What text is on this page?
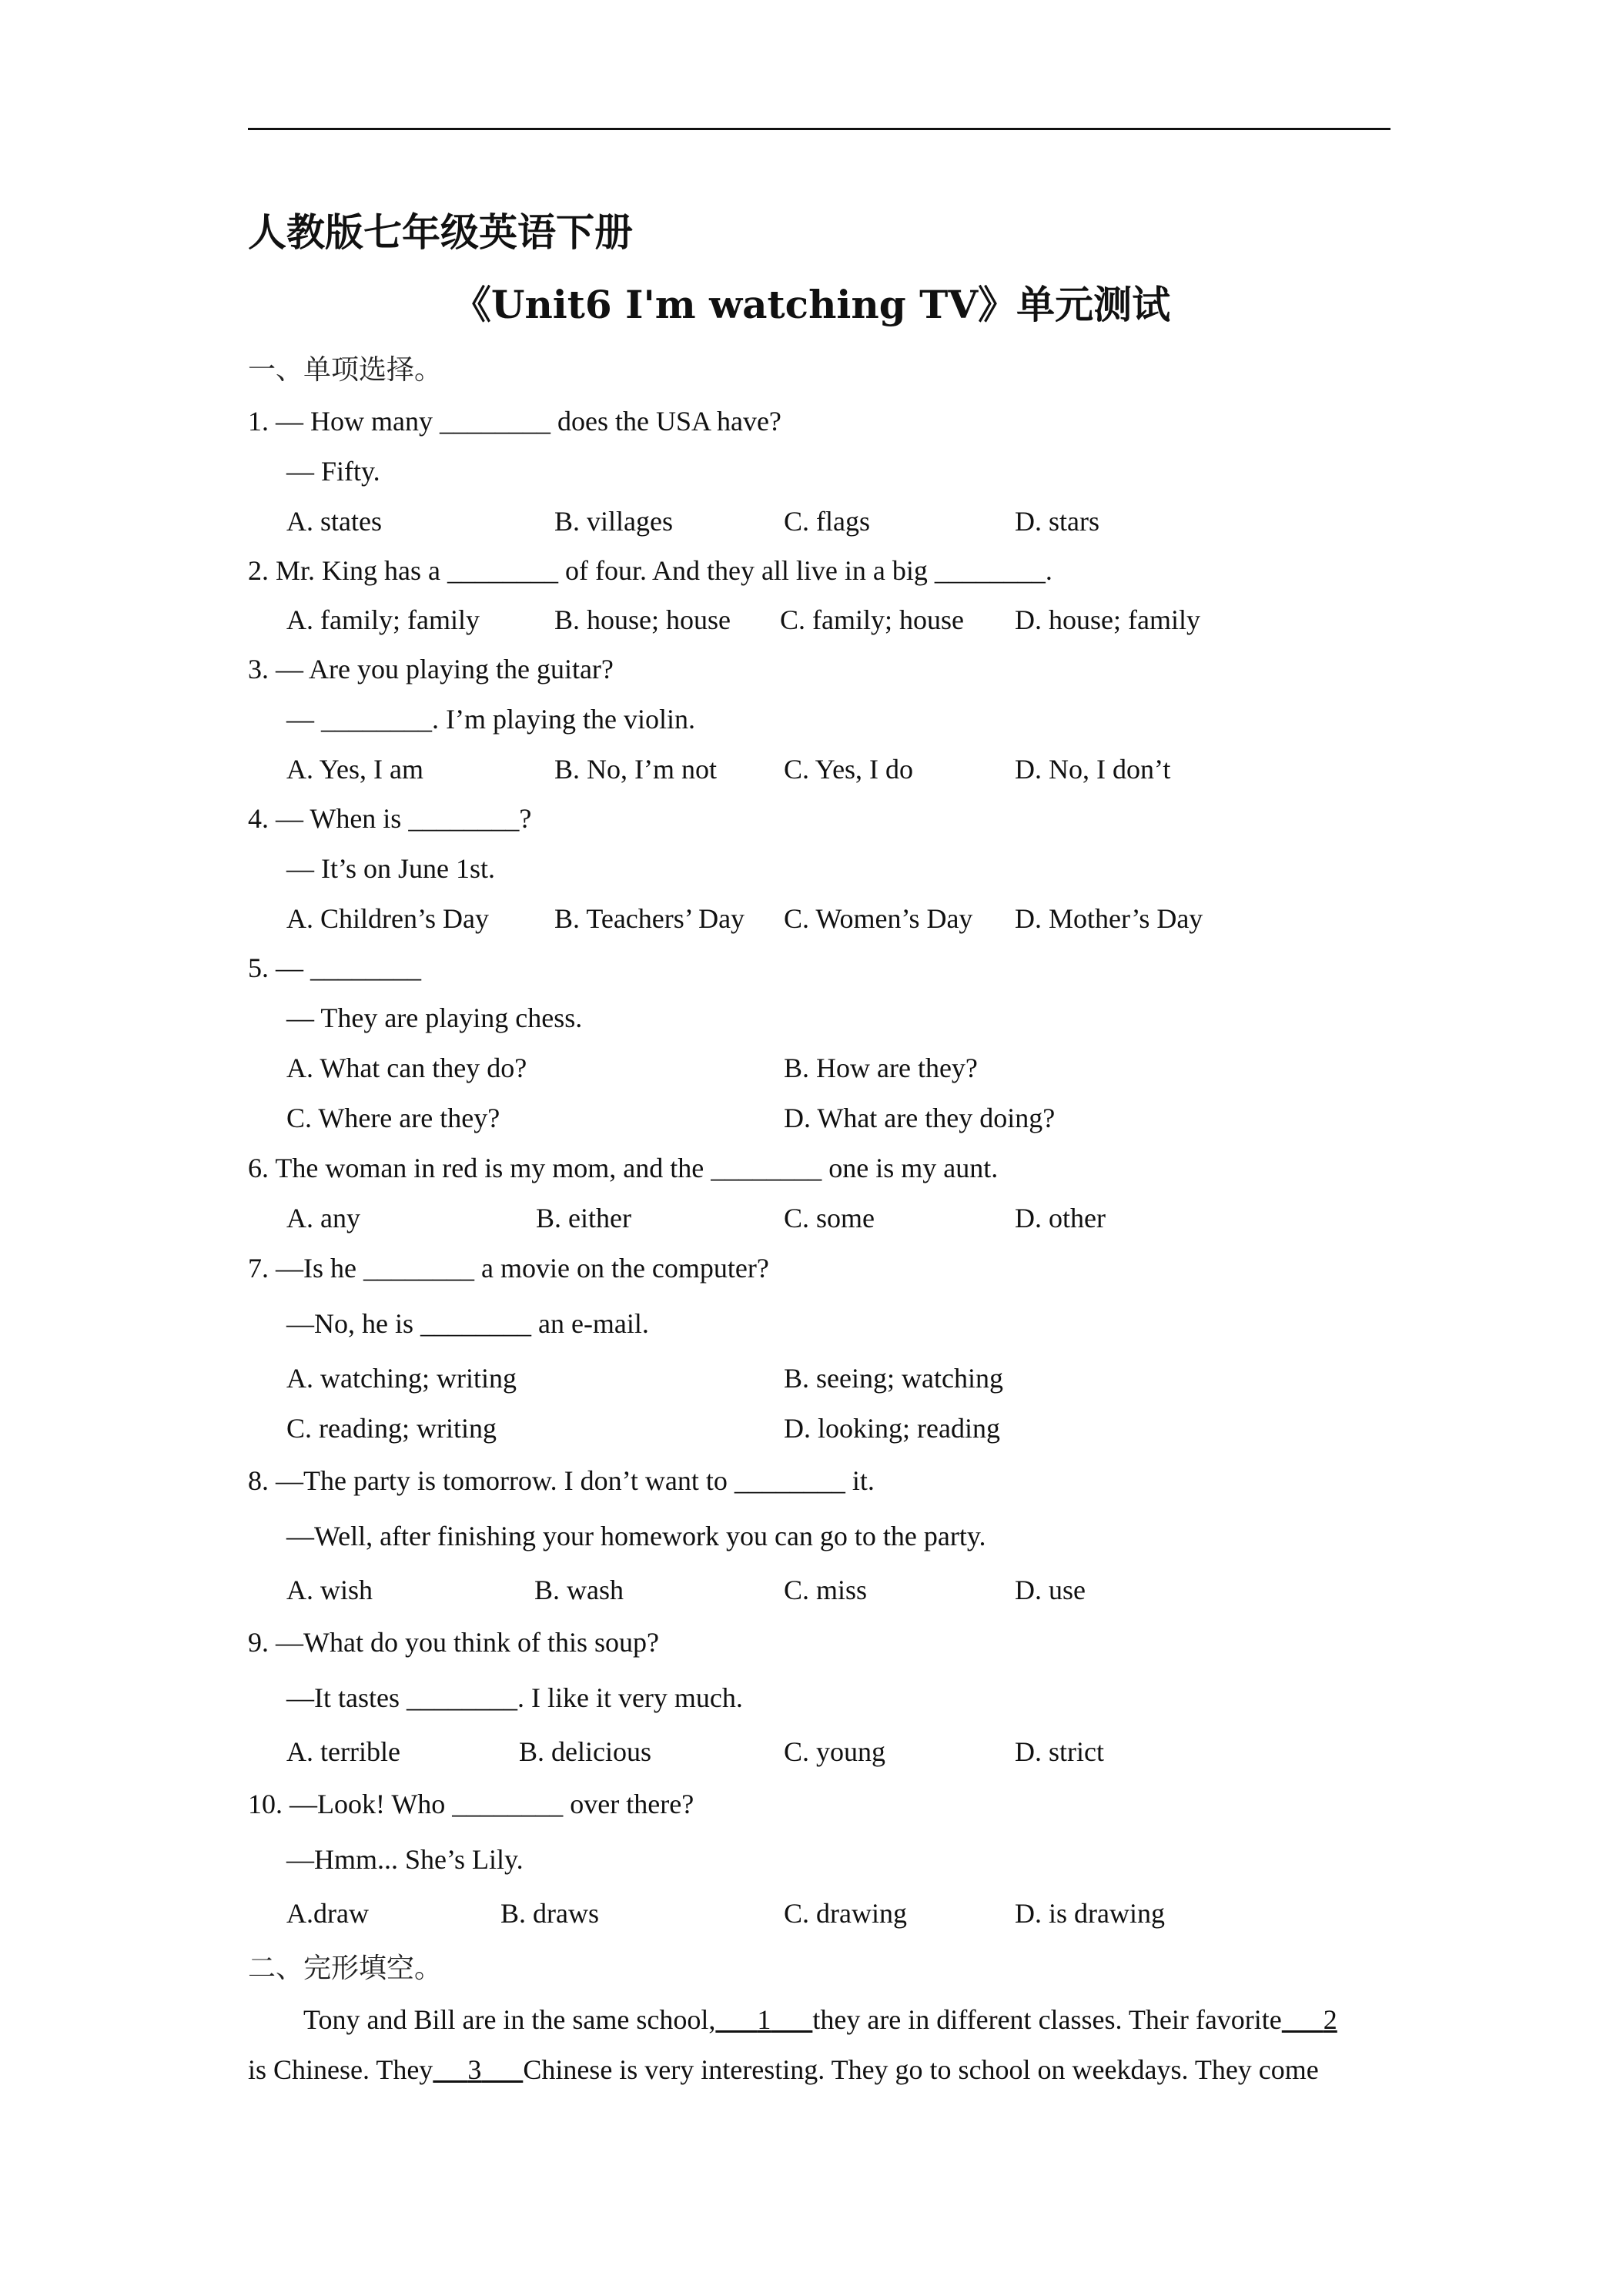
人教版七年级英语下册
《Unit6 I'm watching TV》单元测试
一、单项选择。
1. — How many ________ does the USA have?
— Fifty.
A. states	B. villages	C. flags	D. stars
2. Mr. King has a ________ of four. And they all live in a big ________.
A. family; family	B. house; house C. family; house D. house; family
3. — Are you playing the guitar?
— ________. I’m playing the violin.
A. Yes, I am	B. No, I’m not C. Yes, I do	D. No, I don’t
4. — When is ________?
— It’s on June 1st.
A. Children’s Day B. Teachers’ Day C. Women’s Day D. Mother’s Day
5. — ________
— They are playing chess.
A. What can they do?	B. How are they?
C. Where are they?	D. What are they doing?
6. The woman in red is my mom, and the ________ one is my aunt.
A. any	B. either	C. some	D. other
7. —Is he ________ a movie on the computer?
—No, he is ________ an e-mail.
A. watching; writing	B. seeing; watching
C. reading; writing	D. looking; reading
8. —The party is tomorrow. I don’t want to ________ it.
—Well, after finishing your homework you can go to the party.
A. wish	B. wash	C. miss	D. use
9. —What do you think of this soup?
—It tastes ________. I like it very much.
A. terrible	B. delicious	C. young	D. strict
10. —Look! Who ________ over there?
—Hmm... She’s Lily.
A.draw	B. draws	C. drawing	D. is drawing
二、完形填空。
Tony and Bill are in the same school, 1 they are in different classes. Their favorite 2
is Chinese. They 3 Chinese is very interesting. They go to school on weekdays. They come
